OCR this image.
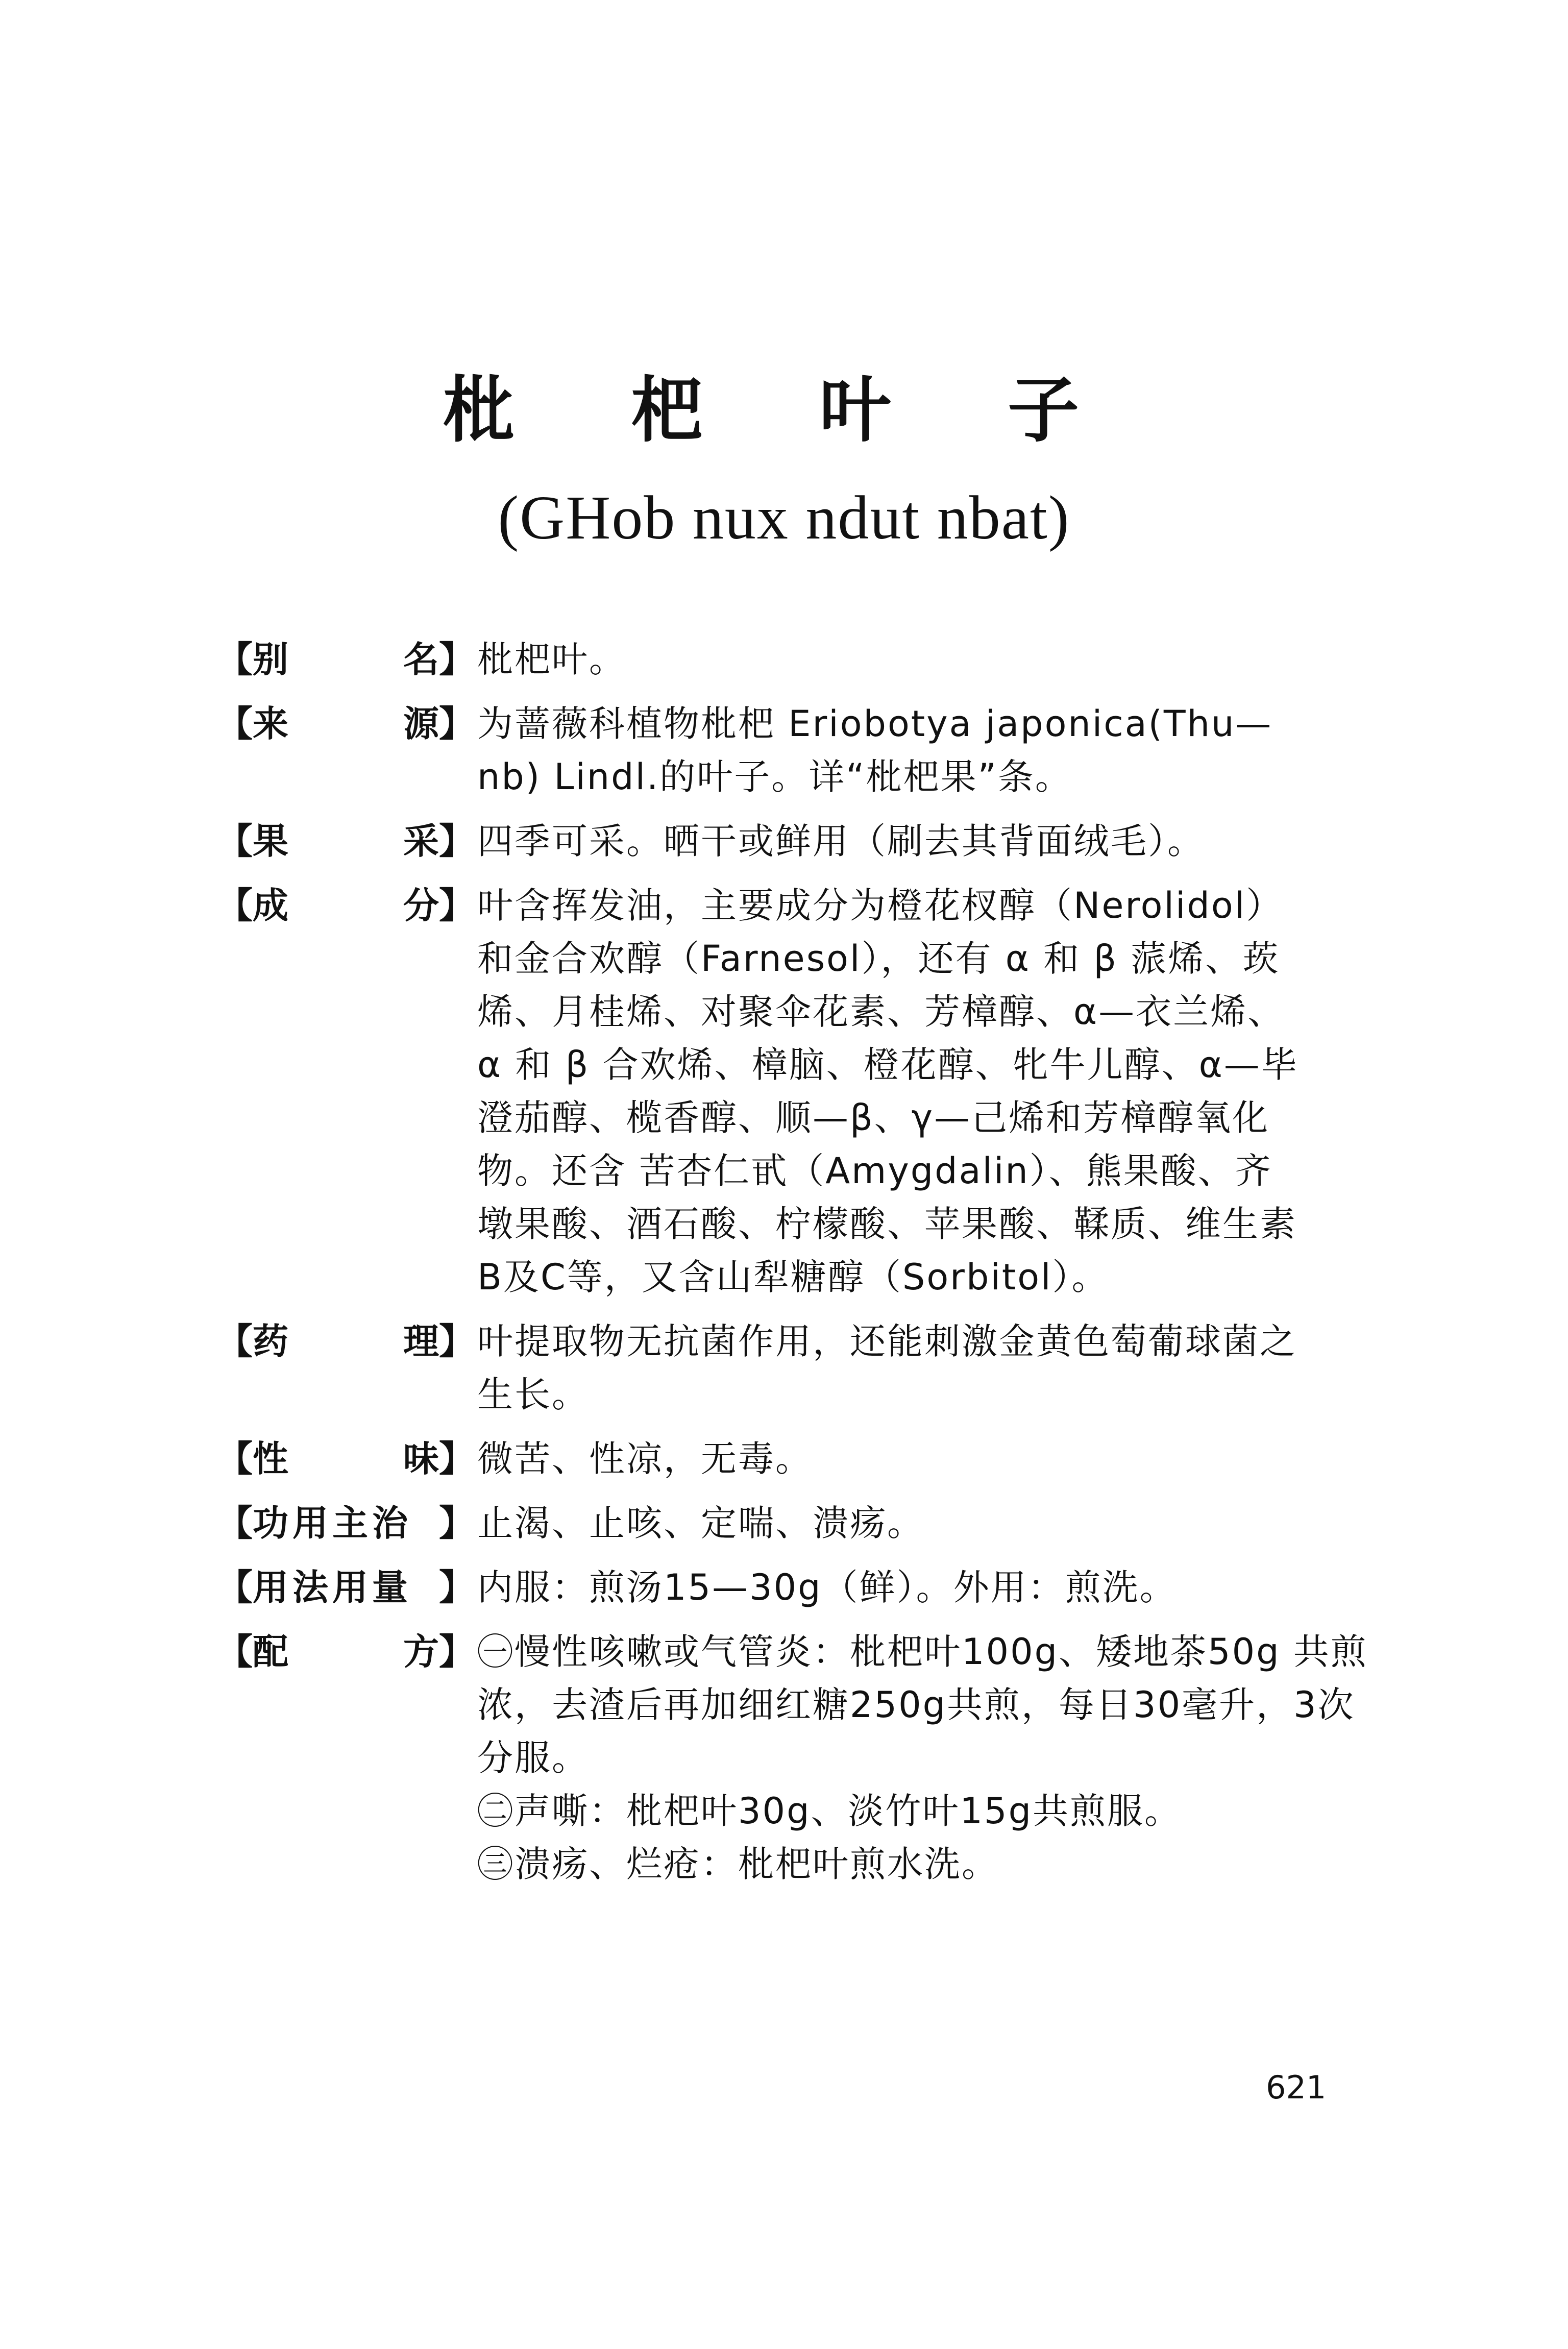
枇 杷 叶 子
(GHob nux ndut nbat)
【 别	名 】 枇杷叶。
【 来	源 】 为蔷薇科植物枇杷 Eriobotya japonica(Thu—
nb) Lindl.的叶子。详“枇杷果”条。
【 果	采 】 四季可采。晒干或鲜用（刷去其背面绒毛）。
【 成	分 】 叶含挥发油，主要成分为橙花杈醇（Nerolidol）
和金合欢醇（Farnesol），还有 α 和 β 蒎烯、莰
烯、月桂烯、对聚伞花素、芳樟醇、α—衣兰烯、
α 和 β 合欢烯、樟脑、橙花醇、牝牛儿醇、α—毕
澄茄醇、榄香醇、顺—β、γ—己烯和芳樟醇氧化
物。还含 苦杏仁甙（Amygdalin）、熊果酸、齐
墩果酸、酒石酸、柠檬酸、苹果酸、鞣质、维生素
B及C等，又含山犁糖醇（Sorbitol）。
【 药	理 】 叶提取物无抗菌作用，还能刺激金黄色萄葡球菌之
生长。
【 性	味 】 微苦、性凉，无毒。
【 功用主治 】 止渴、止咳、定喘、溃疡。
【 用法用量 】 内服：煎汤15—30g（鲜）。外用：煎洗。
【 配	方 】 ㊀慢性咳嗽或气管炎：枇杷叶100g、矮地茶50g 共煎
浓，去渣后再加细红糖250g共煎，每日30毫升，3次
分服。
㊁声嘶：枇杷叶30g、淡竹叶15g共煎服。
㊂溃疡、烂疮：枇杷叶煎水洗。
621
